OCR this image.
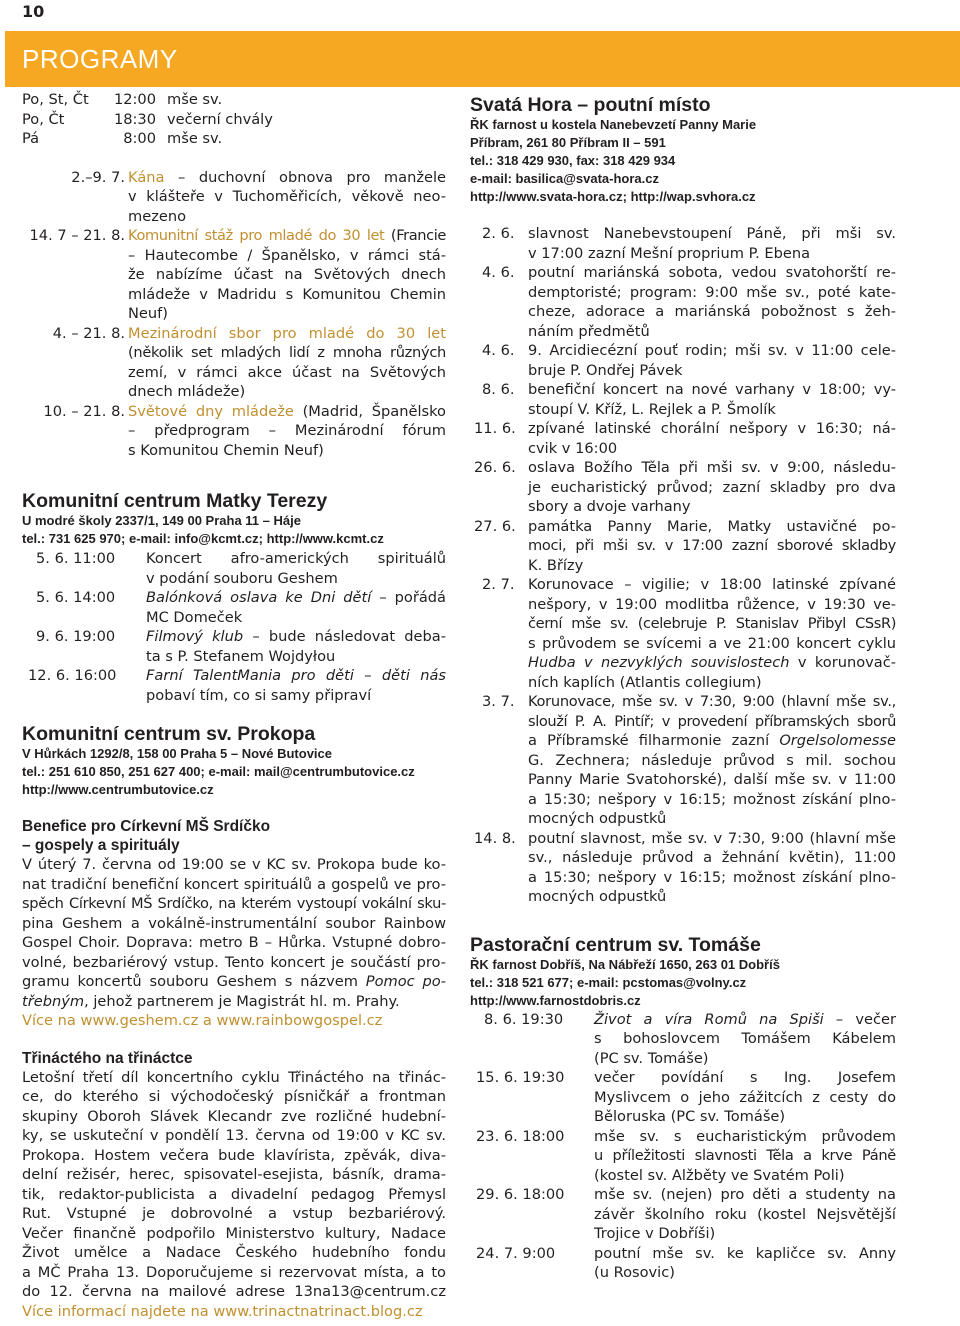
10
PROGRAMY
Po, St, Čt	12:00 mše sv.
Po, Čt	18:30 večerní chvály
Pá	8:00 mše sv.
2.–9. 7. Kána – duchovní obnova pro manžele
v klášteře v Tuchoměřicích, věkově neo-
mezeno
14. 7 – 21. 8. Komunitní stáž pro mladé do 30 let (Francie
– Hautecombe / Španělsko, v rámci stá-
že nabízíme účast na Světových dnech
mládeže v Madridu s Komunitou Chemin
Neuf)
4. – 21. 8. Mezinárodní sbor pro mladé do 30 let
(několik set mladých lidí z mnoha různých
zemí, v rámci akce účast na Světových
dnech mládeže)
10. – 21. 8. Světové dny mládeže (Madrid, Španělsko
– předprogram – Mezinárodní fórum
s Komunitou Chemin Neuf)
Komunitní centrum Matky Terezy
U modré školy 2337/1, 149 00 Praha 11 – Háje
tel.: 731 625 970; e-mail: info@kcmt.cz; http://www.kcmt.cz
5. 6. 11:00	Koncert afro-amerických spirituálů
v podání souboru Geshem
5. 6. 14:00	Balónková oslava ke Dni dětí – pořádá
MC Domeček
9. 6. 19:00	Filmový klub – bude následovat deba-
ta s P. Stefanem Wojdyłou
12. 6. 16:00	Farní TalentMania pro děti – děti nás
pobaví tím, co si samy připraví
Komunitní centrum sv. Prokopa
V Hůrkách 1292/8, 158 00 Praha 5 – Nové Butovice
tel.: 251 610 850, 251 627 400; e-mail: mail@centrumbutovice.cz
http://www.centrumbutovice.cz
Benefice pro Církevní MŠ Srdíčko
– gospely a spirituály
V úterý 7. června od 19:00 se v KC sv. Prokopa bude ko-
nat tradiční benefiční koncert spirituálů a gospelů ve pro-
spěch Církevní MŠ Srdíčko, na kterém vystoupí vokální sku-
pina Geshem a vokálně-instrumentální soubor Rainbow
Gospel Choir. Doprava: metro B – Hůrka. Vstupné dobro-
volné, bezbariérový vstup. Tento koncert je součástí pro-
gramu koncertů souboru Geshem s názvem Pomoc po-
třebným, jehož partnerem je Magistrát hl. m. Prahy.
Více na www.geshem.cz a www.rainbowgospel.cz
Třináctého na třináctce
Letošní třetí díl koncertního cyklu Třináctého na třinác-
ce, do kterého si východočeský písničkář a frontman
skupiny Oboroh Slávek Klecandr zve rozličné hudební-
ky, se uskuteční v pondělí 13. června od 19:00 v KC sv.
Prokopa. Hostem večera bude klavírista, zpěvák, diva-
delní režisér, herec, spisovatel-esejista, básník, drama-
tik, redaktor-publicista a divadelní pedagog Přemysl
Rut. Vstupné je dobrovolné a vstup bezbariérový.
Večer finančně podpořilo Ministerstvo kultury, Nadace
Život umělce a Nadace Českého hudebního fondu
a MČ Praha 13. Doporučujeme si rezervovat místa, a to
do 12. června na mailové adrese 13na13@centrum.cz
Více informací najdete na www.trinactnatrinact.blog.cz
Svatá Hora – poutní místo
ŘK farnost u kostela Nanebevzetí Panny Marie
Příbram, 261 80 Příbram II – 591
tel.: 318 429 930, fax: 318 429 934
e-mail: basilica@svata-hora.cz
http://www.svata-hora.cz; http://wap.svhora.cz
2. 6. slavnost Nanebevstoupení Páně, při mši sv.
v 17:00 zazní Mešní proprium P. Ebena
4. 6. poutní mariánská sobota, vedou svatohorští re-
demptoristé; program: 9:00 mše sv., poté kate-
cheze, adorace a mariánská pobožnost s žeh-
náním předmětů
4. 6. 9. Arcidiecézní pouť rodin; mši sv. v 11:00 cele-
bruje P. Ondřej Pávek
8. 6. benefiční koncert na nové varhany v 18:00; vy-
stoupí V. Kříž, L. Rejlek a P. Šmolík
11. 6. zpívané latinské chorální nešpory v 16:30; ná-
cvik v 16:00
26. 6. oslava Božího Těla při mši sv. v 9:00, následu-
je eucharistický průvod; zazní skladby pro dva
sbory a dvoje varhany
27. 6. památka Panny Marie, Matky ustavičné po-
moci, při mši sv. v 17:00 zazní sborové skladby
K. Břízy
2. 7. Korunovace – vigilie; v 18:00 latinské zpívané
nešpory, v 19:00 modlitba růžence, v 19:30 ve-
černí mše sv. (celebruje P. Stanislav Přibyl CSsR)
s průvodem se svícemi a ve 21:00 koncert cyklu
Hudba v nezvyklých souvislostech v korunovač-
ních kaplích (Atlantis collegium)
3. 7. Korunovace, mše sv. v 7:30, 9:00 (hlavní mše sv.,
slouží P. A. Pintíř; v provedení příbramských sborů
a Příbramské filharmonie zazní Orgelsolomesse
G. Zechnera; následuje průvod s mil. sochou
Panny Marie Svatohorské), další mše sv. v 11:00
a 15:30; nešpory v 16:15; možnost získání plno-
mocných odpustků
14. 8. poutní slavnost, mše sv. v 7:30, 9:00 (hlavní mše
sv., následuje průvod a žehnání květin), 11:00
a 15:30; nešpory v 16:15; možnost získání plno-
mocných odpustků
Pastorační centrum sv. Tomáše
ŘK farnost Dobříš, Na Nábřeží 1650, 263 01 Dobříš
tel.: 318 521 677; e-mail: pcstomas@volny.cz
http://www.farnostdobris.cz
8. 6. 19:30	Život a víra Romů na Spiši – večer
s bohoslovcem Tomášem Kábelem
(PC sv. Tomáše)
15. 6. 19:30	večer povídání s Ing. Josefem
Myslivcem o jeho zážitcích z cesty do
Běloruska (PC sv. Tomáše)
23. 6. 18:00	mše sv. s eucharistickým průvodem
u příležitosti slavnosti Těla a krve Páně
(kostel sv. Alžběty ve Svatém Poli)
29. 6. 18:00	mše sv. (nejen) pro děti a studenty na
závěr školního roku (kostel Nejsvětější
Trojice v Dobříši)
24. 7. 9:00	poutní mše sv. ke kapličce sv. Anny
(u Rosovic)
